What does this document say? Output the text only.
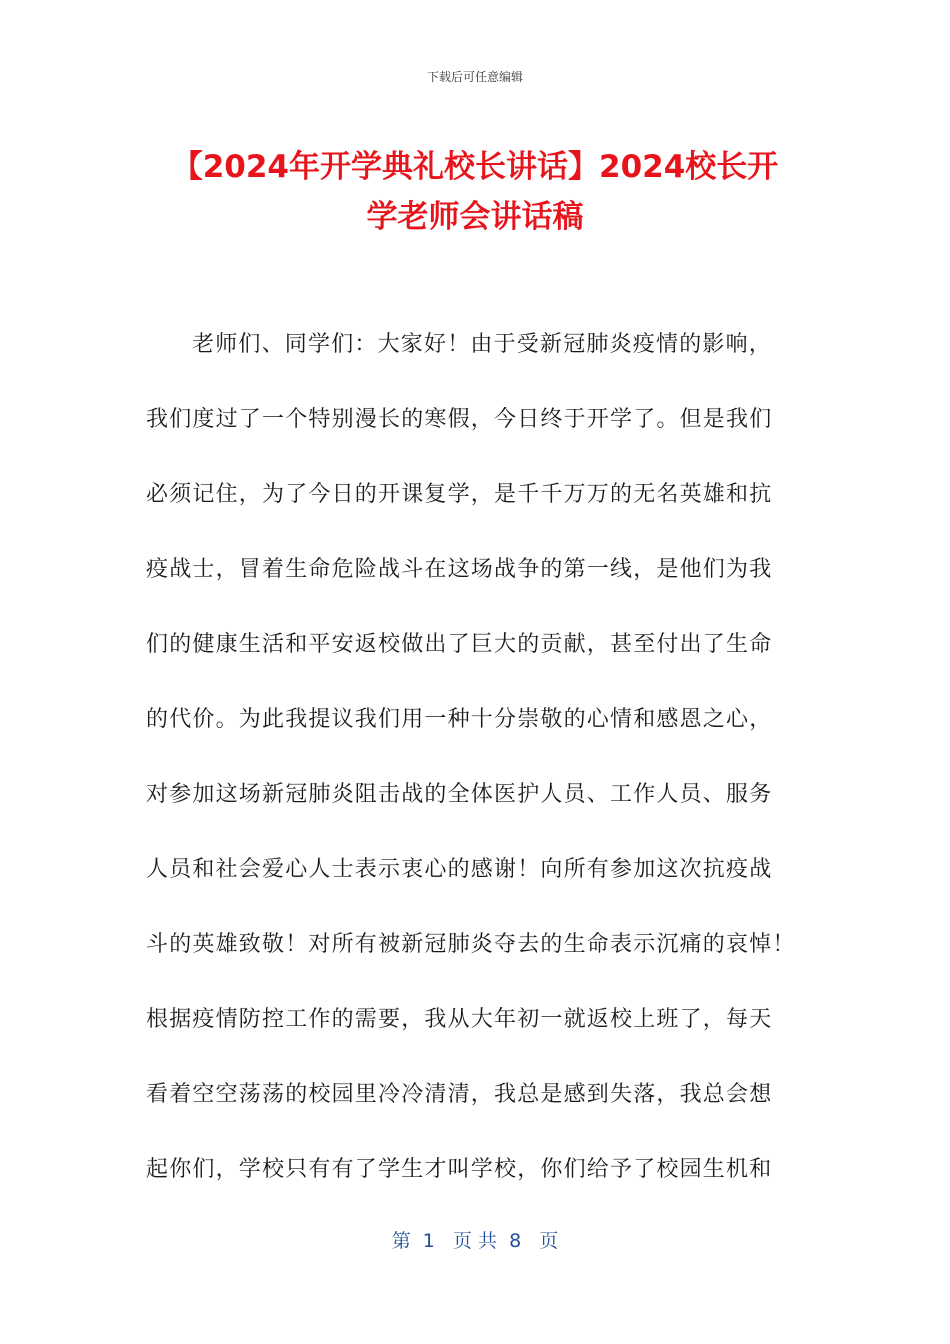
下载后可任意编辑
【2024年开学典礼校长讲话】2024校长开
学老师会讲话稿
老师们、同学们：大家好！由于受新冠肺炎疫情的影响，
我们度过了一个特别漫长的寒假，今日终于开学了。但是我们
必须记住，为了今日的开课复学，是千千万万的无名英雄和抗
疫战士，冒着生命危险战斗在这场战争的第一线，是他们为我
们的健康生活和平安返校做出了巨大的贡献，甚至付出了生命
的代价。为此我提议我们用一种十分崇敬的心情和感恩之心，
对参加这场新冠肺炎阻击战的全体医护人员、工作人员、服务
人员和社会爱心人士表示衷心的感谢！向所有参加这次抗疫战
斗的英雄致敬！对所有被新冠肺炎夺去的生命表示沉痛的哀悼！
根据疫情防控工作的需要，我从大年初一就返校上班了，每天
看着空空荡荡的校园里冷冷清清，我总是感到失落，我总会想
起你们，学校只有有了学生才叫学校，你们给予了校园生机和
第  1   页 共  8   页
